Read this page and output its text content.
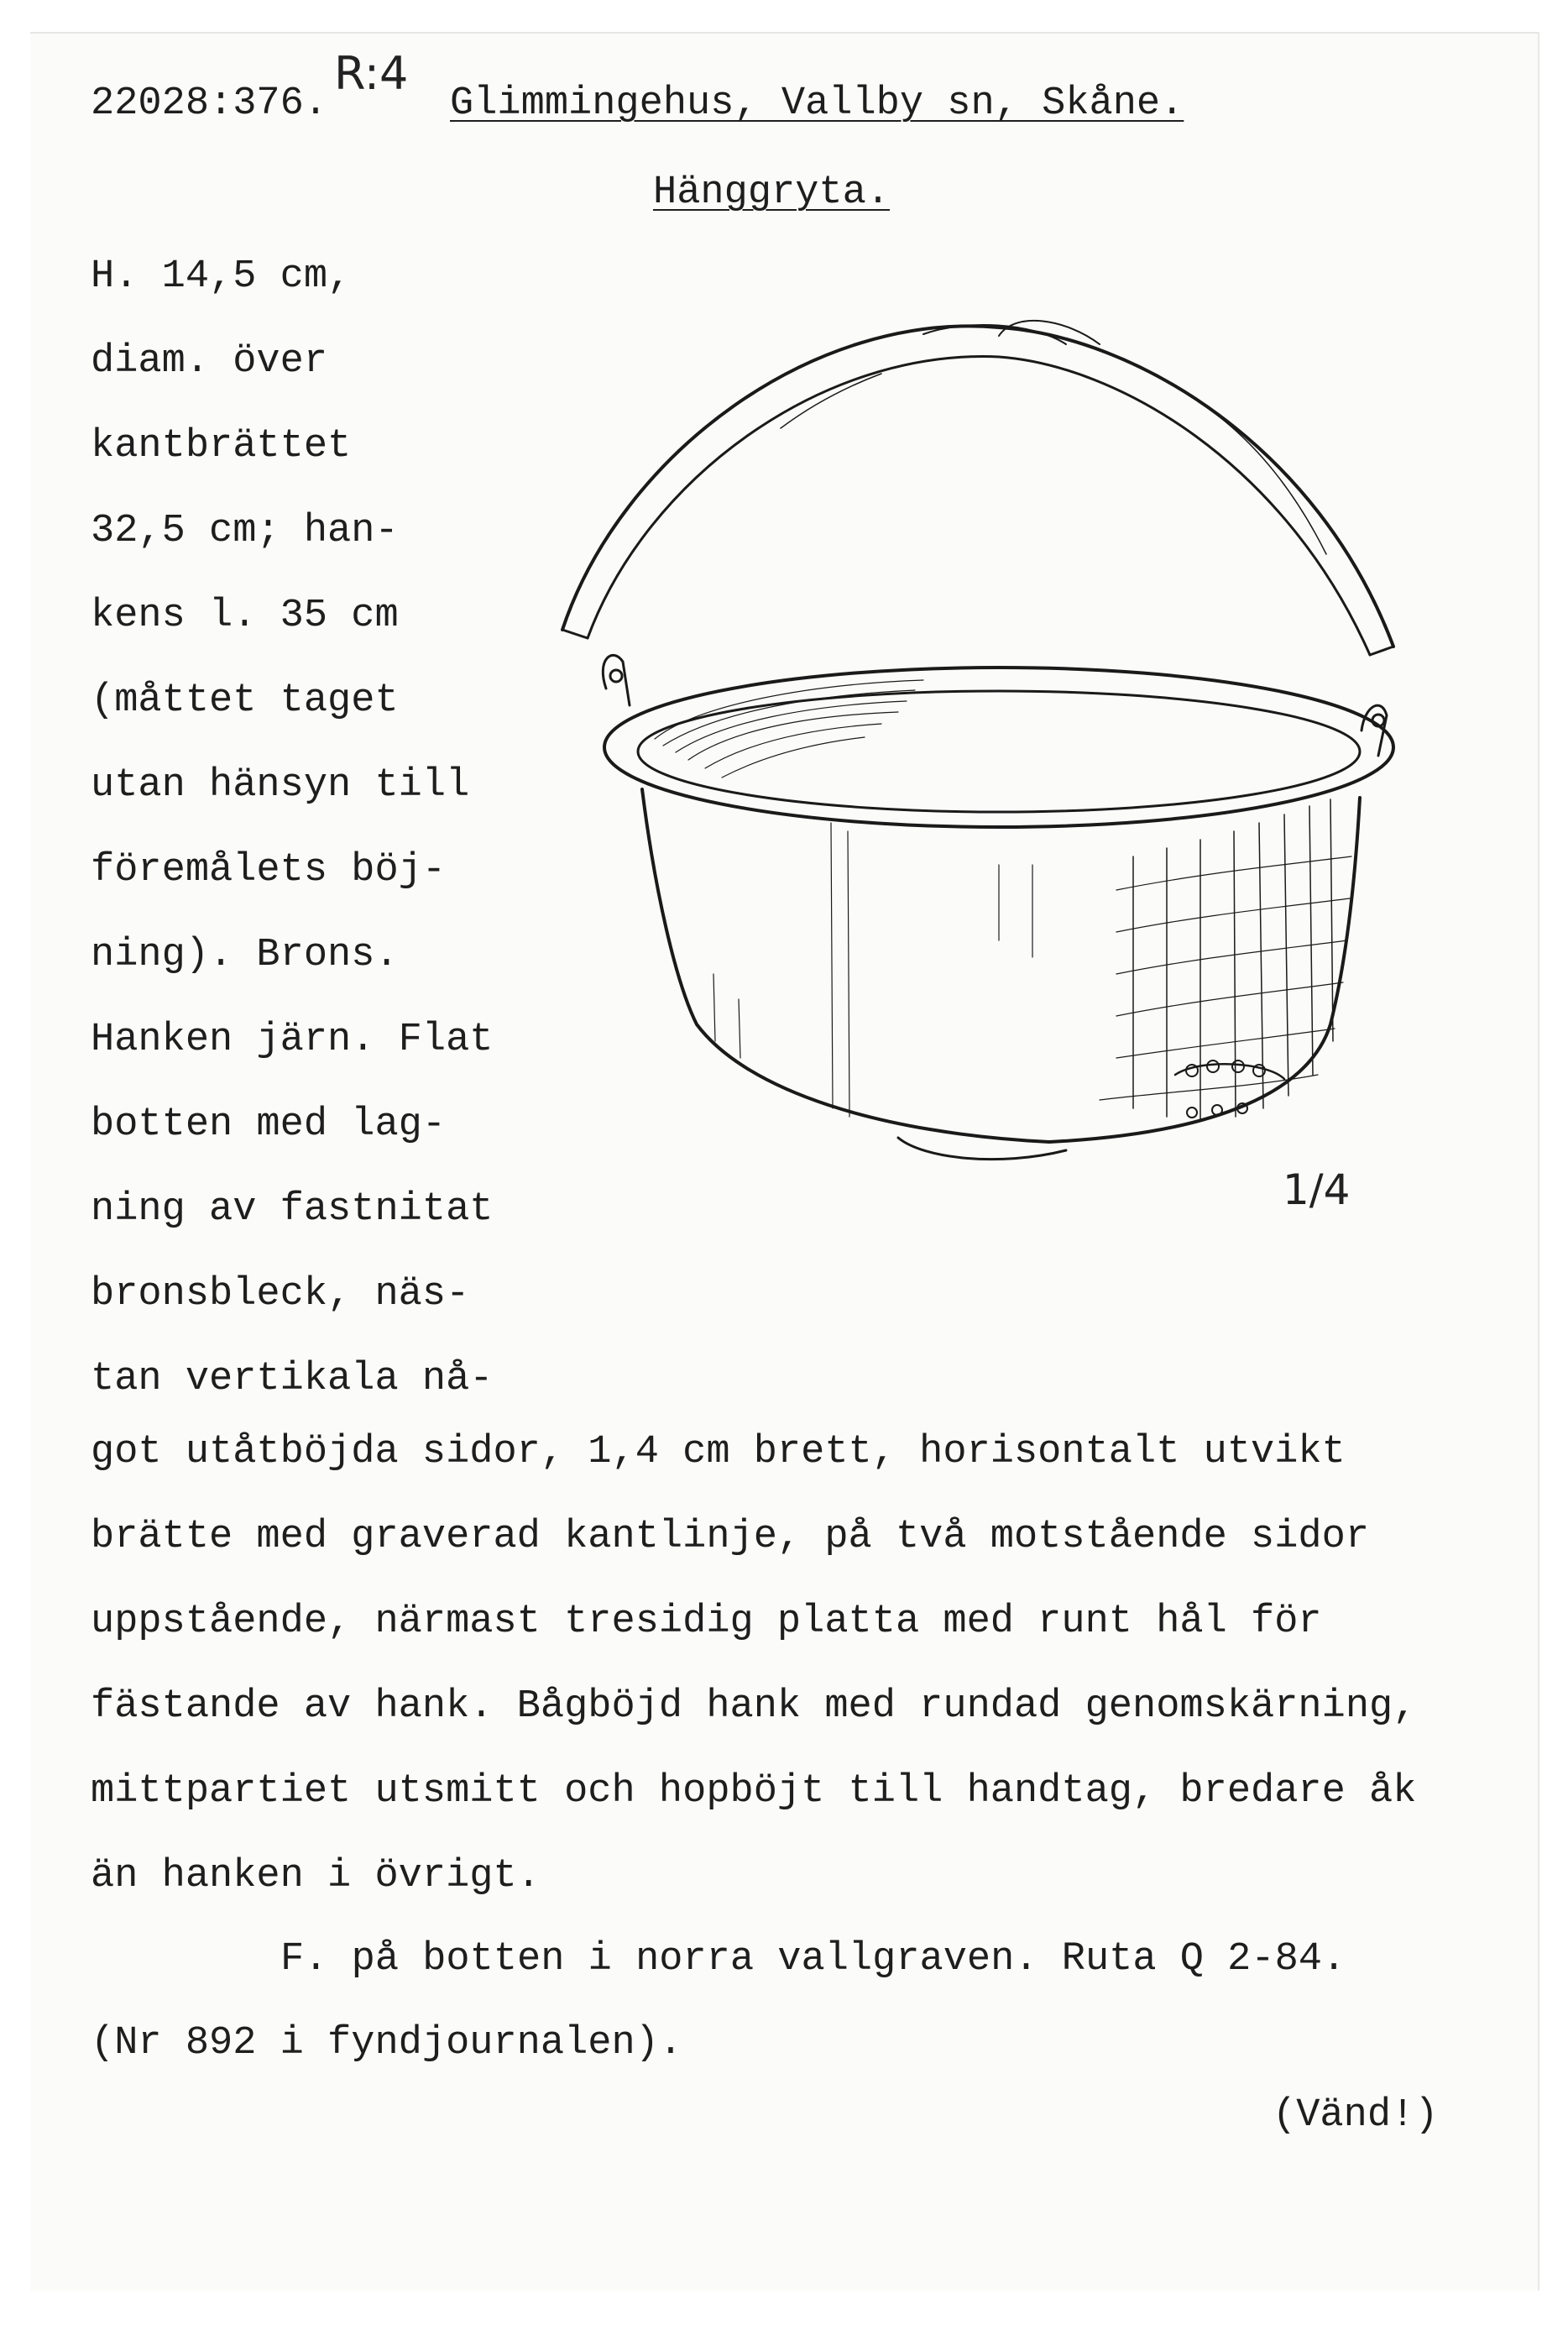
22028:376.
R:4
Glimmingehus, Vallby sn, Skåne.
Hänggryta.
H. 14,5 cm,
diam. över
kantbrättet
32,5 cm; han-
kens l. 35 cm
(måttet taget
utan hänsyn till
föremålets böj-
ning). Brons.
Hanken järn. Flat
botten med lag-
ning av fastnitat
bronsbleck, näs-
tan vertikala nå-
got utåtböjda sidor, 1,4 cm brett, horisontalt utvikt
brätte med graverad kantlinje, på två motstående sidor
uppstående, närmast tresidig platta med runt hål för
fästande av hank. Bågböjd hank med rundad genomskärning,
mittpartiet utsmitt och hopböjt till handtag, bredare åk
än hanken i övrigt.
F. på botten i norra vallgraven. Ruta Q 2-84.
(Nr 892 i fyndjournalen).
(Vänd!)
1/4
